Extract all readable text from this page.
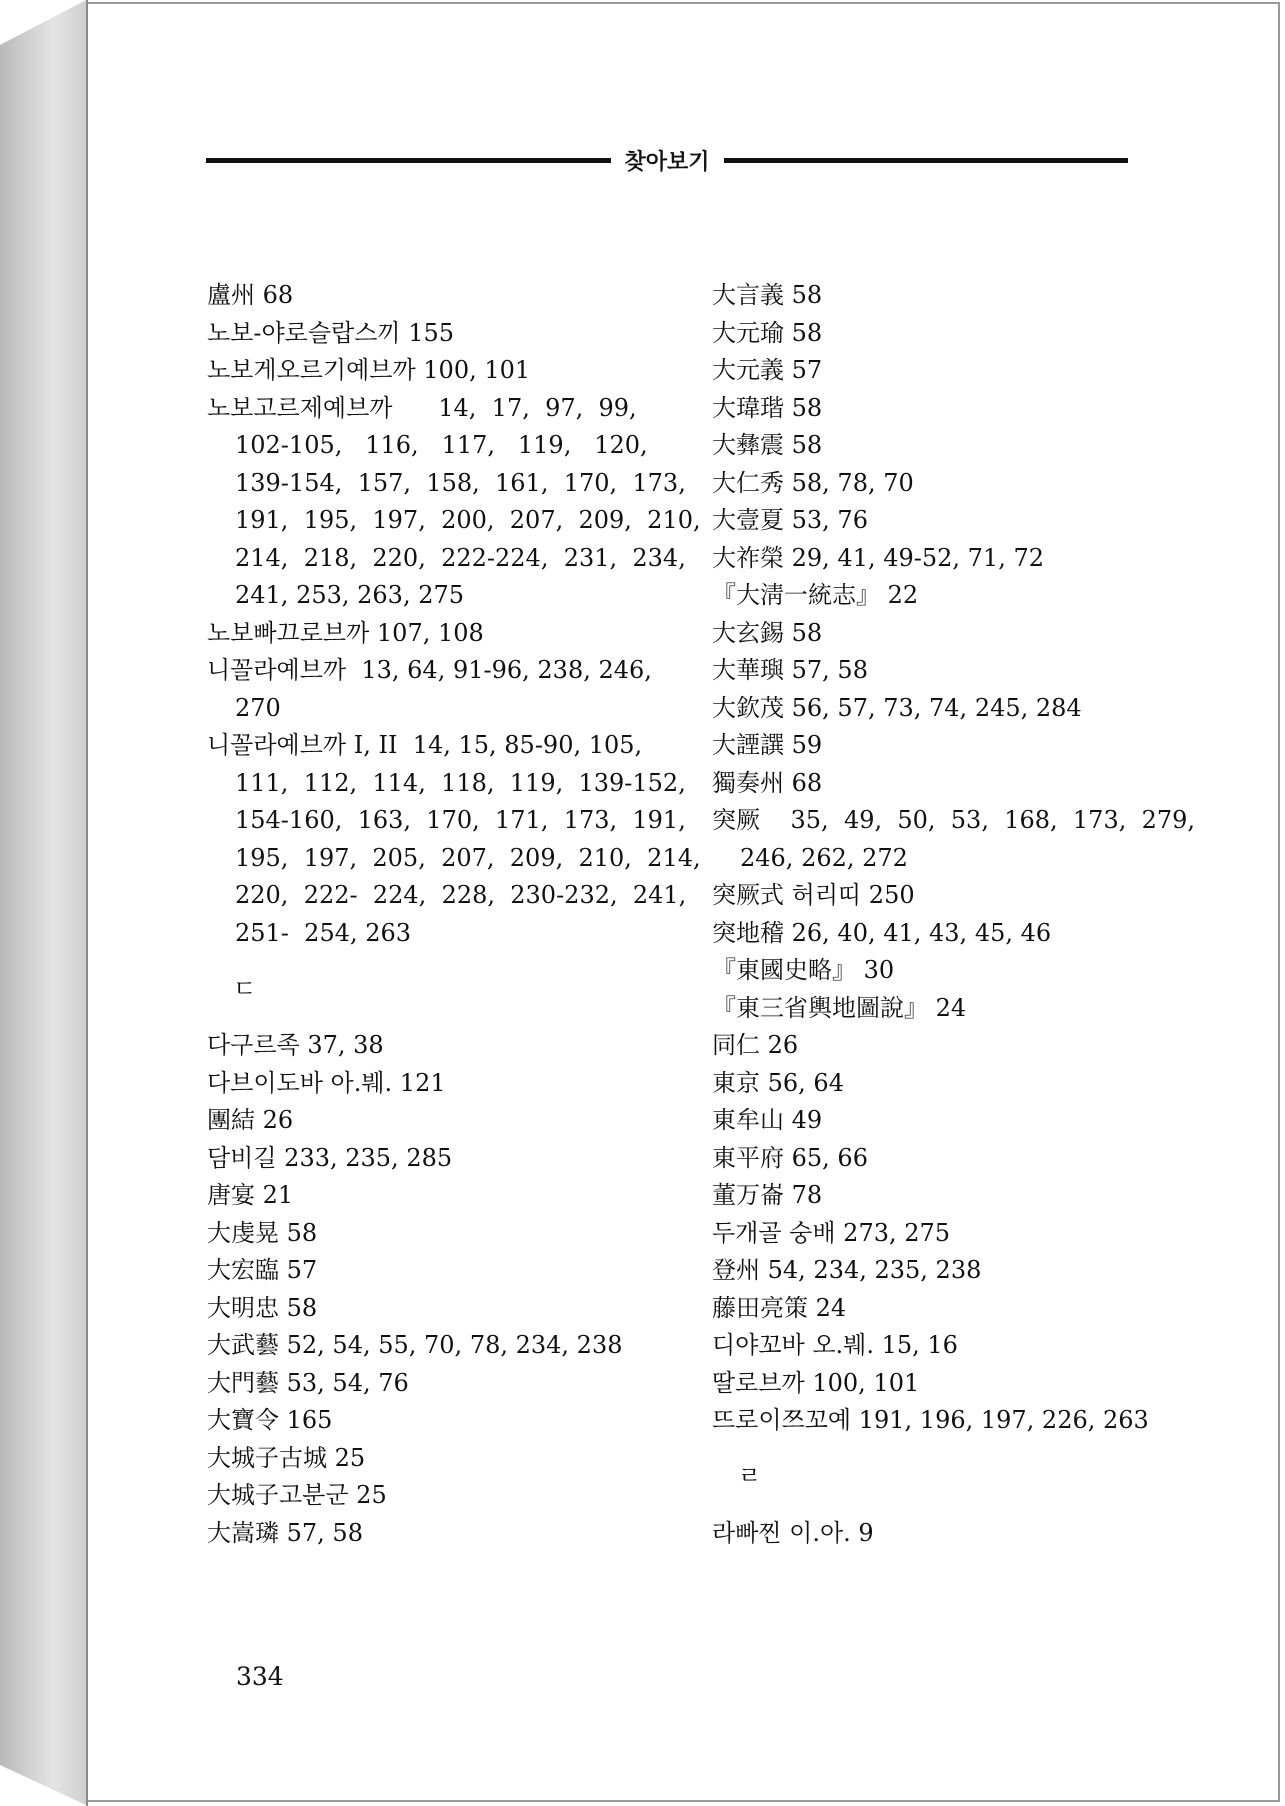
찾아보기
盧州 68
노보-야로슬랍스끼 155
노보게오르기예브까 100, 101
노보고르제예브까      14,  17,  97,  99,
102-105,   116,   117,   119,   120,
139-154,  157,  158,  161,  170,  173,
191,  195,  197,  200,  207,  209,  210,
214,  218,  220,  222-224,  231,  234,
241, 253, 263, 275
노보빠끄로브까 107, 108
니꼴라예브까  13, 64, 91-96, 238, 246,
270
니꼴라예브까 I, II  14, 15, 85-90, 105,
111,  112,  114,  118,  119,  139-152,
154-160,  163,  170,  171,  173,  191,
195,  197,  205,  207,  209,  210,  214,
220,  222-  224,  228,  230-232,  241,
251-  254, 263
ㄷ
다구르족 37, 38
다브이도바 아.붸. 121
團結 26
담비길 233, 235, 285
唐宴 21
大虔晃 58
大宏臨 57
大明忠 58
大武藝 52, 54, 55, 70, 78, 234, 238
大門藝 53, 54, 76
大寶令 165
大城子古城 25
大城子고분군 25
大嵩璘 57, 58
大言義 58
大元瑜 58
大元義 57
大瑋瑎 58
大彝震 58
大仁秀 58, 78, 70
大壹夏 53, 76
大祚榮 29, 41, 49-52, 71, 72
『大淸一統志』 22
大玄錫 58
大華璵 57, 58
大欽茂 56, 57, 73, 74, 245, 284
大諲譔 59
獨奏州 68
突厥    35,  49,  50,  53,  168,  173,  279,
246, 262, 272
突厥式 허리띠 250
突地稽 26, 40, 41, 43, 45, 46
『東國史略』 30
『東三省輿地圖說』 24
同仁 26
東京 56, 64
東牟山 49
東平府 65, 66
董万崙 78
두개골 숭배 273, 275
登州 54, 234, 235, 238
藤田亮策 24
디야꼬바 오.붸. 15, 16
딸로브까 100, 101
뜨로이쯔꼬예 191, 196, 197, 226, 263
ㄹ
라빠찐 이.아. 9
334
